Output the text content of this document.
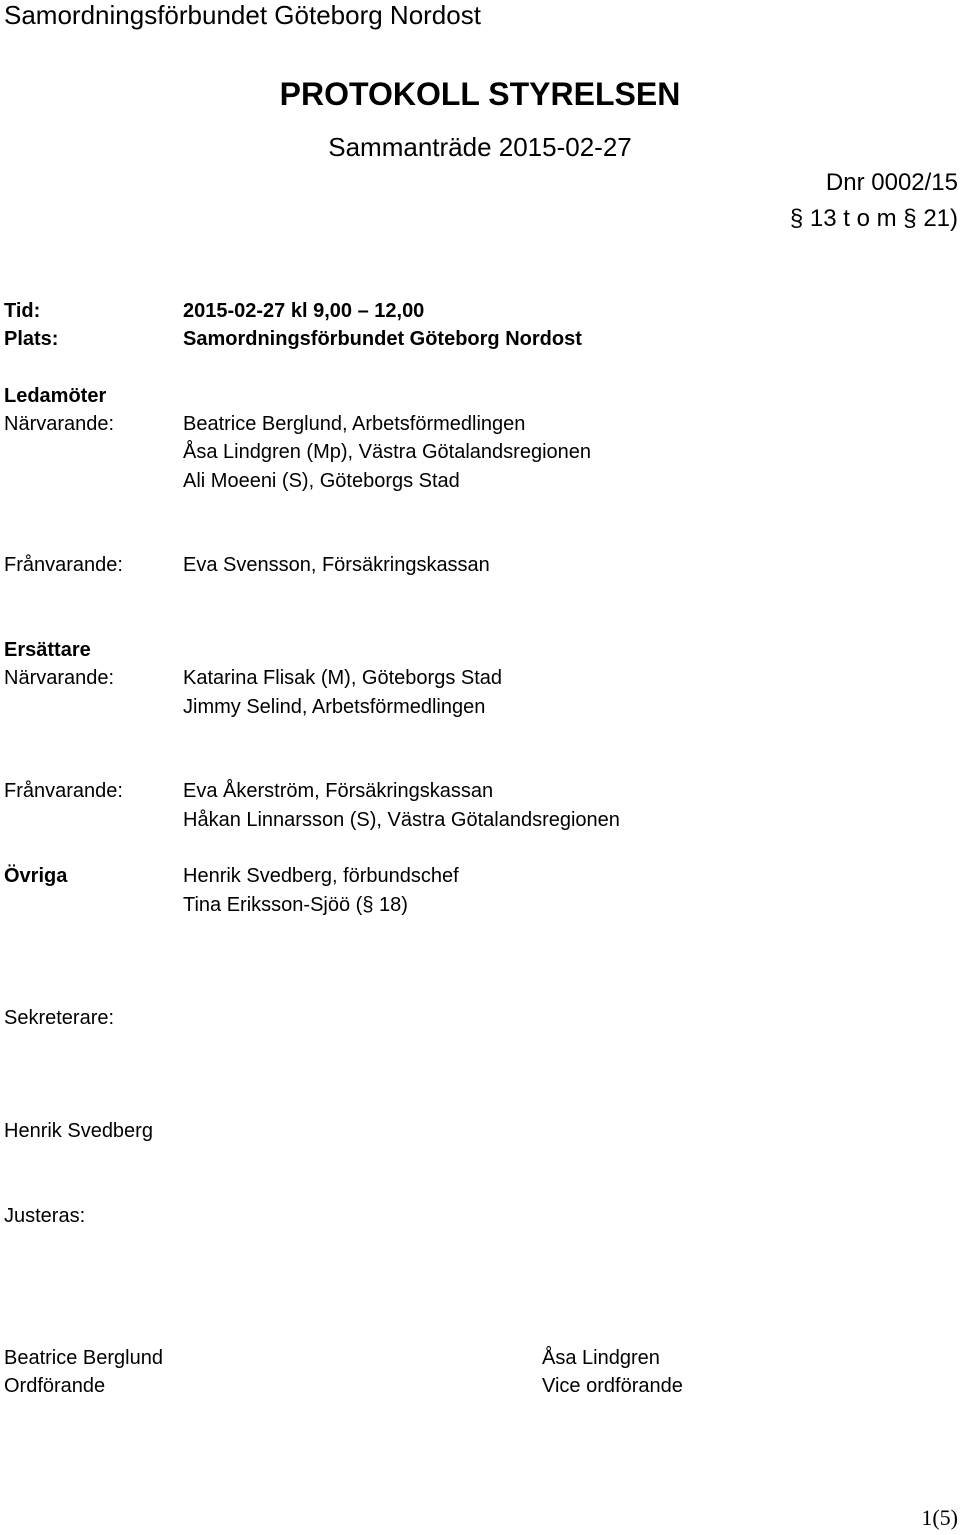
Samordningsförbundet Göteborg Nordost
PROTOKOLL STYRELSEN
Sammanträde 2015-02-27
Dnr 0002/15
§ 13 t o m § 21)
Tid:	2015-02-27 kl 9,00 – 12,00
Plats:	Samordningsförbundet Göteborg Nordost
Ledamöter
Närvarande:	Beatrice Berglund, Arbetsförmedlingen
Åsa Lindgren (Mp), Västra Götalandsregionen
Ali Moeeni (S), Göteborgs Stad
Frånvarande:	Eva Svensson, Försäkringskassan
Ersättare
Närvarande:	Katarina Flisak (M), Göteborgs Stad
Jimmy Selind, Arbetsförmedlingen
Frånvarande:	Eva Åkerström, Försäkringskassan
Håkan Linnarsson (S), Västra Götalandsregionen
Övriga	Henrik Svedberg, förbundschef
Tina Eriksson-Sjöö (§ 18)
Sekreterare:
Henrik Svedberg
Justeras:
Beatrice Berglund
Ordförande
Åsa Lindgren
Vice ordförande
1(5)
